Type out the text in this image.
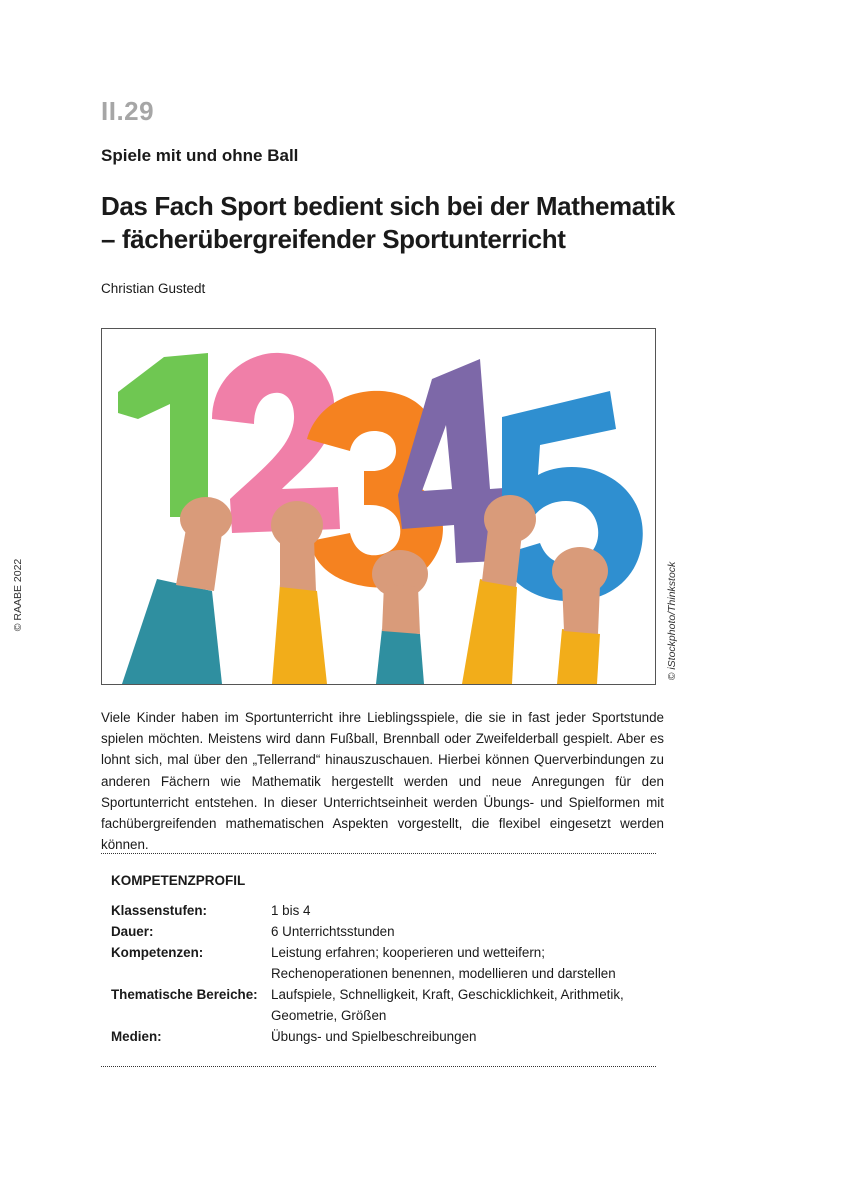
II.29
Spiele mit und ohne Ball
Das Fach Sport bedient sich bei der Mathematik
– fächerübergreifender Sportunterricht
Christian Gustedt
© RAABE 2022	© iStockphoto/Thinkstock

Viele Kinder haben im Sportunterricht ihre Lieblingsspiele, die sie in fast jeder Sportstunde spielen möchten. Meistens wird dann Fußball, Brennball oder Zweifelderball gespielt. Aber es lohnt sich, mal über den „Tellerrand“ hinauszuschauen. Hierbei können Querverbindungen zu anderen Fächern wie Mathematik hergestellt werden und neue Anregungen für den Sportunterricht entstehen. In dieser Unterrichtseinheit werden Übungs- und Spielformen mit fachübergreifenden mathematischen Aspekten vorgestellt, die flexibel eingesetzt werden können.

KOMPETENZPROFIL
Klassenstufen:	1 bis 4
Dauer:	6 Unterrichtsstunden
Kompetenzen:	Leistung erfahren; kooperieren und wetteifern; Rechenoperationen benennen, modellieren und darstellen
Thematische Bereiche:	Laufspiele, Schnelligkeit, Kraft, Geschicklichkeit, Arithmetik, Geometrie, Größen
Medien:	Übungs- und Spielbeschreibungen
